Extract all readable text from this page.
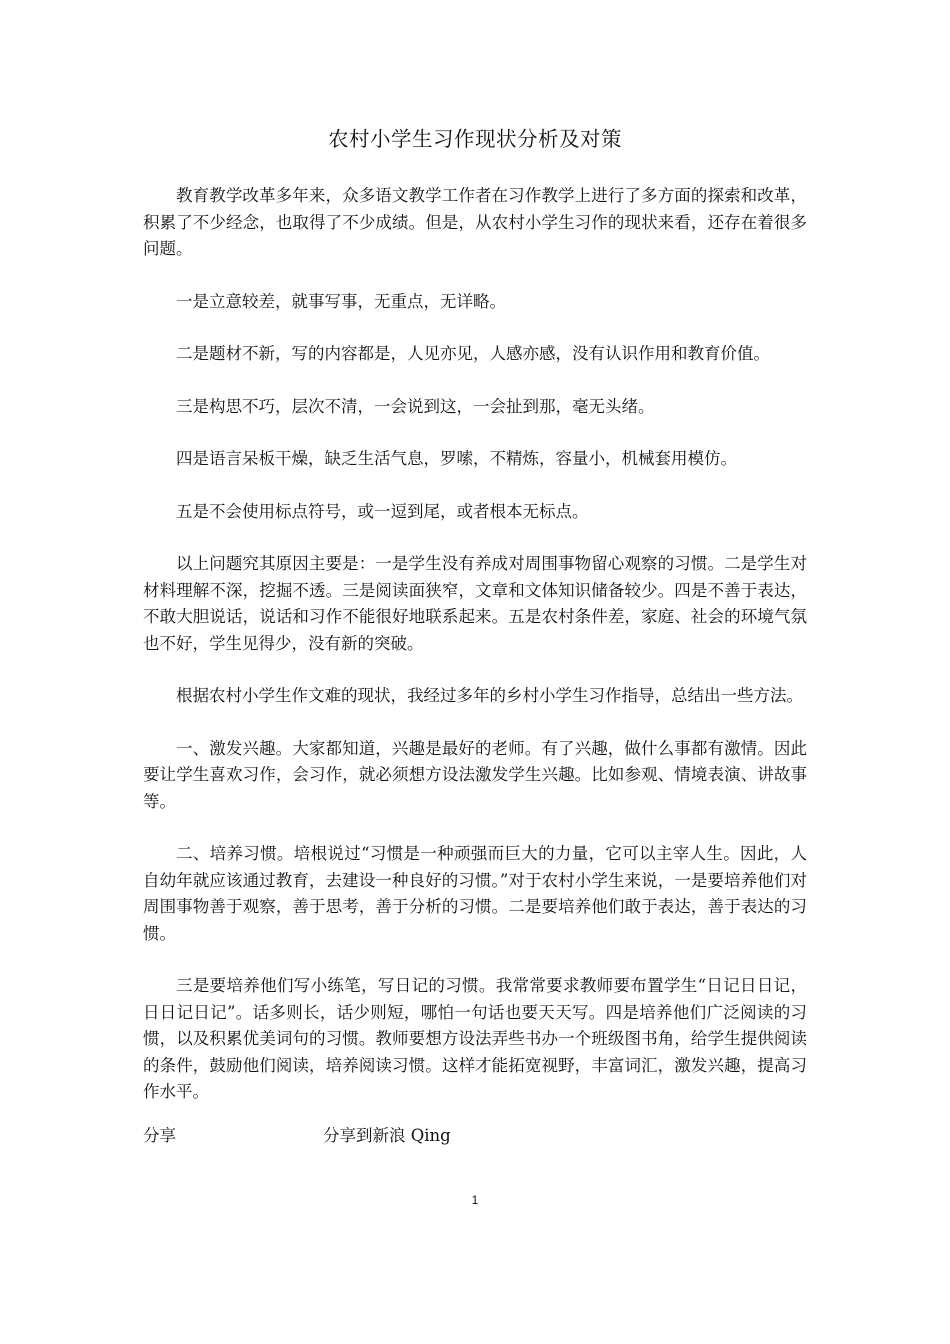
农村小学生习作现状分析及对策

教育教学改革多年来，众多语文教学工作者在习作教学上进行了多方面的探索和改革，积累了不少经念，也取得了不少成绩。但是，从农村小学生习作的现状来看，还存在着很多问题。

一是立意较差，就事写事，无重点，无详略。

二是题材不新，写的内容都是，人见亦见，人感亦感，没有认识作用和教育价值。

三是构思不巧，层次不清，一会说到这，一会扯到那，毫无头绪。

四是语言呆板干燥，缺乏生活气息，罗嗦，不精炼，容量小，机械套用模仿。

五是不会使用标点符号，或一逗到尾，或者根本无标点。

以上问题究其原因主要是：一是学生没有养成对周围事物留心观察的习惯。二是学生对材料理解不深，挖掘不透。三是阅读面狭窄，文章和文体知识储备较少。四是不善于表达，不敢大胆说话，说话和习作不能很好地联系起来。五是农村条件差，家庭、社会的环境气氛也不好，学生见得少，没有新的突破。

根据农村小学生作文难的现状，我经过多年的乡村小学生习作指导，总结出一些方法。

一、激发兴趣。大家都知道，兴趣是最好的老师。有了兴趣，做什么事都有激情。因此要让学生喜欢习作，会习作，就必须想方设法激发学生兴趣。比如参观、情境表演、讲故事等。

二、培养习惯。培根说过“习惯是一种顽强而巨大的力量，它可以主宰人生。因此，人自幼年就应该通过教育，去建设一种良好的习惯。”对于农村小学生来说，一是要培养他们对周围事物善于观察，善于思考，善于分析的习惯。二是要培养他们敢于表达，善于表达的习惯。

三是要培养他们写小练笔，写日记的习惯。我常常要求教师要布置学生“日记日日记，日日记日记”。话多则长，话少则短，哪怕一句话也要天天写。四是培养他们广泛阅读的习惯，以及积累优美词句的习惯。教师要想方设法弄些书办一个班级图书角，给学生提供阅读的条件，鼓励他们阅读，培养阅读习惯。这样才能拓宽视野，丰富词汇，激发兴趣，提高习作水平。

分享	分享到新浪 Qing
1
